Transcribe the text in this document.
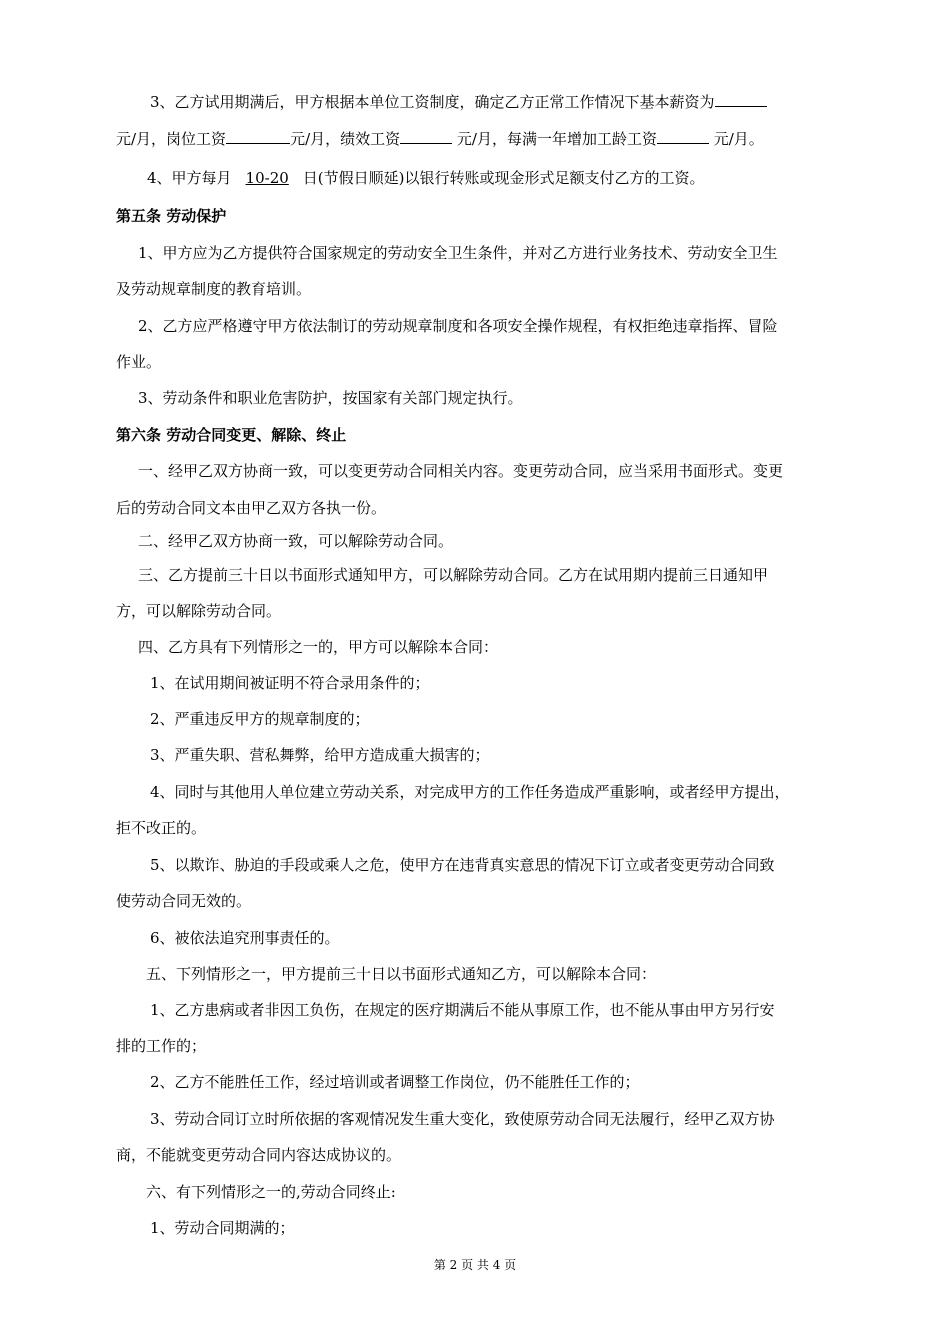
3、乙方试用期满后，甲方根据本单位工资制度，确定乙方正常工作情况下基本薪资为
元/月，岗位工资	元/月，绩效工资	元/月，每满一年增加工龄工资	元/月。
4、甲方每月 10-20 日(节假日顺延)以银行转账或现金形式足额支付乙方的工资。
第五条 劳动保护
1、甲方应为乙方提供符合国家规定的劳动安全卫生条件，并对乙方进行业务技术、劳动安全卫生
及劳动规章制度的教育培训。
2、乙方应严格遵守甲方依法制订的劳动规章制度和各项安全操作规程，有权拒绝违章指挥、冒险
作业。
3、劳动条件和职业危害防护，按国家有关部门规定执行。
第六条 劳动合同变更、解除、终止
一、经甲乙双方协商一致，可以变更劳动合同相关内容。变更劳动合同，应当采用书面形式。变更
后的劳动合同文本由甲乙双方各执一份。
二、经甲乙双方协商一致，可以解除劳动合同。
三、乙方提前三十日以书面形式通知甲方，可以解除劳动合同。乙方在试用期内提前三日通知甲
方，可以解除劳动合同。
四、乙方具有下列情形之一的，甲方可以解除本合同：
1、在试用期间被证明不符合录用条件的；
2、严重违反甲方的规章制度的；
3、严重失职、营私舞弊，给甲方造成重大损害的；
4、同时与其他用人单位建立劳动关系，对完成甲方的工作任务造成严重影响，或者经甲方提出，
拒不改正的。
5、以欺诈、胁迫的手段或乘人之危，使甲方在违背真实意思的情况下订立或者变更劳动合同致
使劳动合同无效的。
6、被依法追究刑事责任的。
五、下列情形之一，甲方提前三十日以书面形式通知乙方，可以解除本合同：
1、乙方患病或者非因工负伤，在规定的医疗期满后不能从事原工作，也不能从事由甲方另行安
排的工作的；
2、乙方不能胜任工作，经过培训或者调整工作岗位，仍不能胜任工作的；
3、劳动合同订立时所依据的客观情况发生重大变化，致使原劳动合同无法履行，经甲乙双方协
商，不能就变更劳动合同内容达成协议的。
六、有下列情形之一的,劳动合同终止:
1、劳动合同期满的；
第 2 页 共 4 页
